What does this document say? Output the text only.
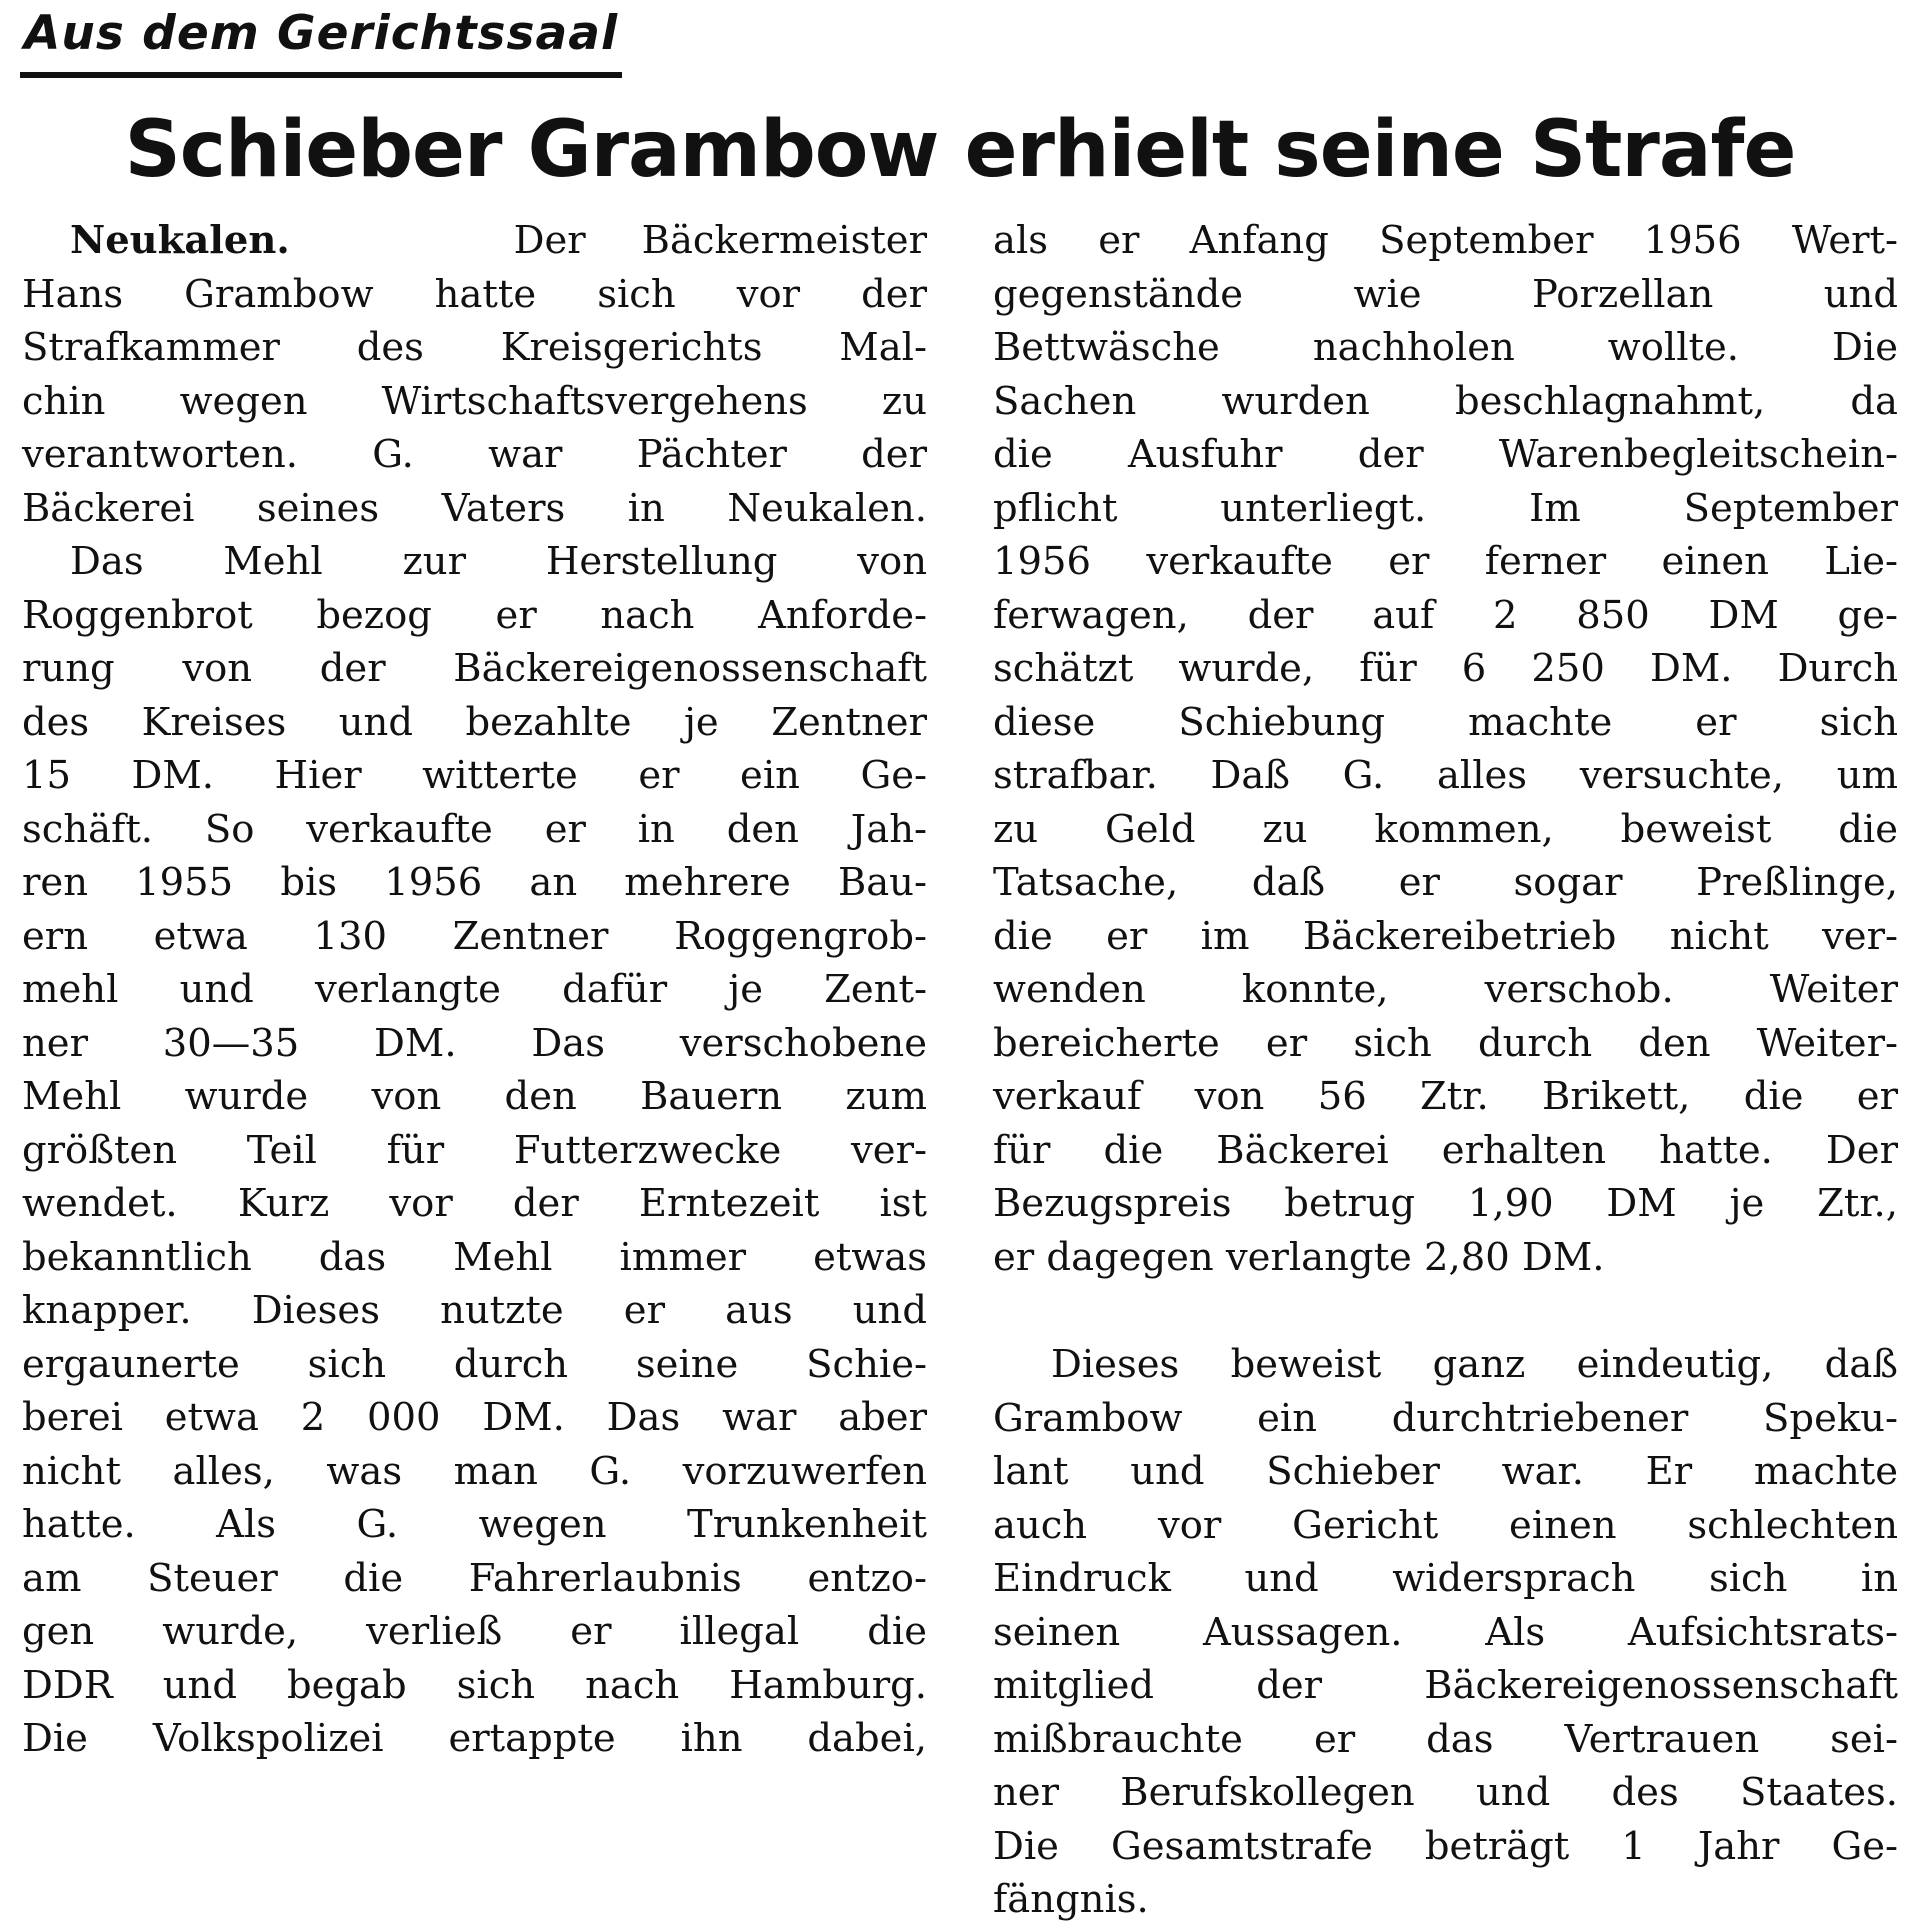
Aus dem Gerichtssaal
Schieber Grambow erhielt seine Strafe
Neukalen.	Der Bäckermeister
Hans Grambow hatte sich vor der
Strafkammer des Kreisgerichts Mal-
chin wegen Wirtschaftsvergehens zu
verantworten. G. war Pächter der
Bäckerei seines Vaters in Neukalen.
Das Mehl zur Herstellung von
Roggenbrot bezog er nach Anforde-
rung von der Bäckereigenossenschaft
des Kreises und bezahlte je Zentner
15 DM. Hier witterte er ein Ge-
schäft. So verkaufte er in den Jah-
ren 1955 bis 1956 an mehrere Bau-
ern etwa 130 Zentner Roggengrob-
mehl und verlangte dafür je Zent-
ner 30—35 DM. Das verschobene
Mehl wurde von den Bauern zum
größten Teil für Futterzwecke ver-
wendet. Kurz vor der Erntezeit ist
bekanntlich das Mehl immer etwas
knapper. Dieses nutzte er aus und
ergaunerte sich durch seine Schie-
berei etwa 2 000 DM. Das war aber
nicht alles, was man G. vorzuwerfen
hatte. Als G. wegen Trunkenheit
am Steuer die Fahrerlaubnis entzo-
gen wurde, verließ er illegal die
DDR und begab sich nach Hamburg.
Die Volkspolizei ertappte ihn dabei,
als er Anfang September 1956 Wert-
gegenstände wie Porzellan und
Bettwäsche nachholen wollte. Die
Sachen wurden beschlagnahmt, da
die Ausfuhr der Warenbegleitschein-
pflicht unterliegt. Im September
1956 verkaufte er ferner einen Lie-
ferwagen, der auf 2 850 DM ge-
schätzt wurde, für 6 250 DM. Durch
diese Schiebung machte er sich
strafbar. Daß G. alles versuchte, um
zu Geld zu kommen, beweist die
Tatsache, daß er sogar Preßlinge,
die er im Bäckereibetrieb nicht ver-
wenden konnte, verschob. Weiter
bereicherte er sich durch den Weiter-
verkauf von 56 Ztr. Brikett, die er
für die Bäckerei erhalten hatte. Der
Bezugspreis betrug 1,90 DM je Ztr.,
er dagegen verlangte 2,80 DM.
Dieses beweist ganz eindeutig, daß
Grambow ein durchtriebener Speku-
lant und Schieber war. Er machte
auch vor Gericht einen schlechten
Eindruck und widersprach sich in
seinen Aussagen. Als Aufsichtsrats-
mitglied der Bäckereigenossenschaft
mißbrauchte er das Vertrauen sei-
ner Berufskollegen und des Staates.
Die Gesamtstrafe beträgt 1 Jahr Ge-
fängnis.
